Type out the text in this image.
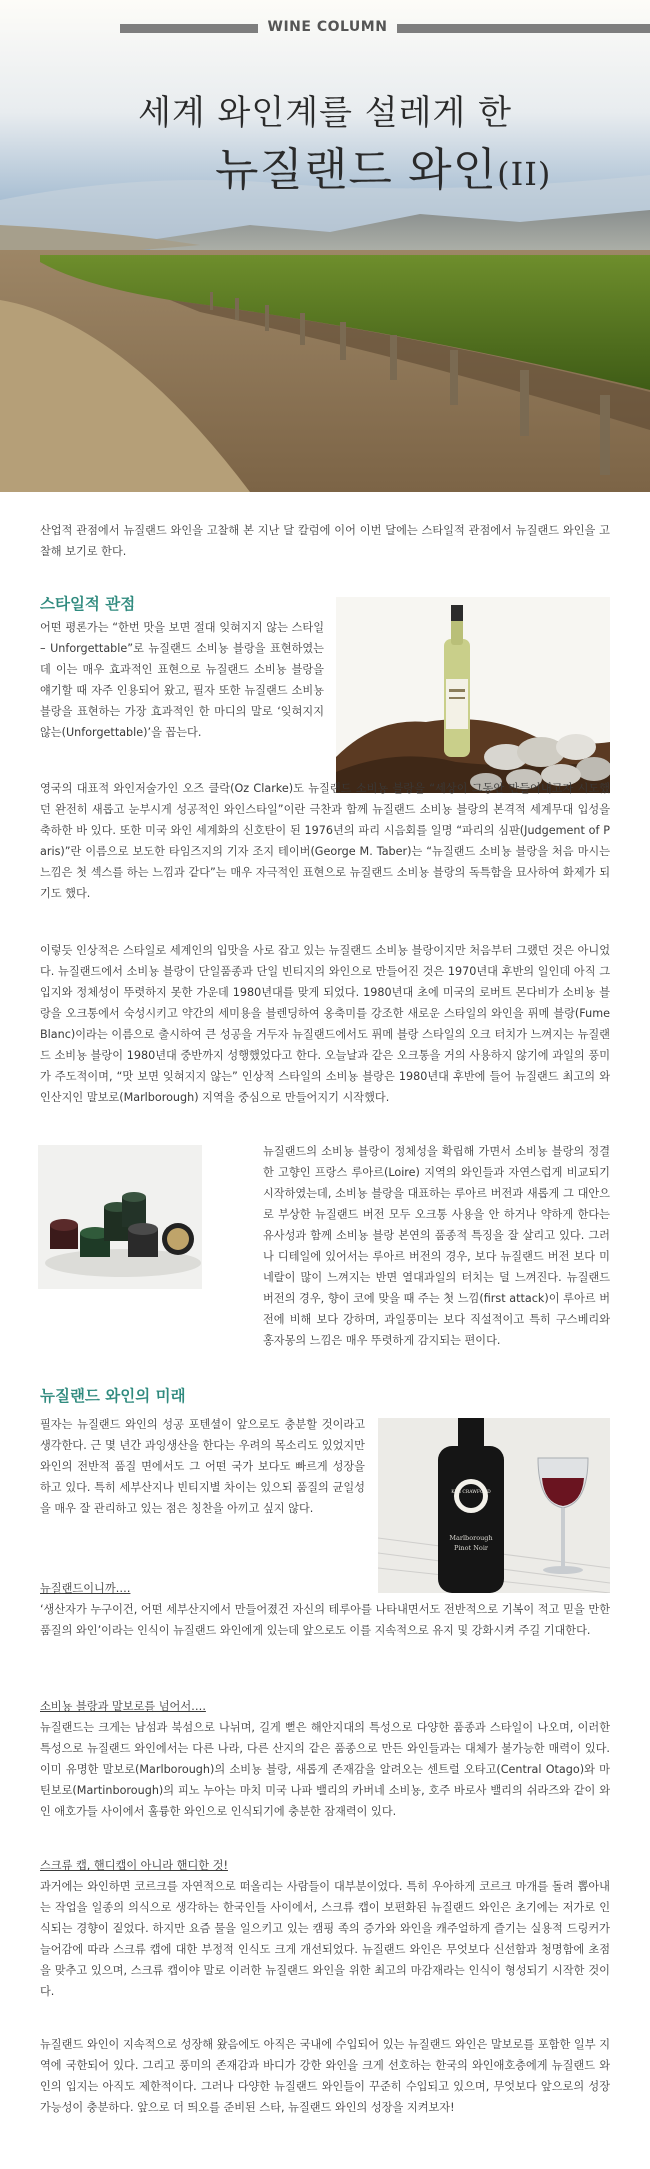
WINE COLUMN
세계 와인계를 설레게 한
뉴질랜드 와인(II)

산업적 관점에서 뉴질랜드 와인을 고찰해 본 지난 달 칼럼에 이어 이번 달에는 스타일적 관점에서 뉴질랜드 와인을 고찰해 보기로 한다.

스타일적 관점

어떤 평론가는 “한번 맛을 보면 절대 잊혀지지 않는 스타일 – Unforgettable”로 뉴질랜드 소비뇽 블랑을 표현하였는데 이는 매우 효과적인 표현으로 뉴질랜드 소비뇽 블랑을 얘기할 때 자주 인용되어 왔고, 필자 또한 뉴질랜드 소비뇽 블랑을 표현하는 가장 효과적인 한 마디의 말로 ‘잊혀지지 않는(Unforgettable)’을 꼽는다.

영국의 대표적 와인저술가인 오즈 클락(Oz Clarke)도 뉴질랜드 소비뇽 블랑을 “세상이 그동안 만들어내고자 시도했던 완전히 새롭고 눈부시게 성공적인 와인스타일”이란 극찬과 함께 뉴질랜드 소비뇽 블랑의 본격적 세계무대 입성을 축하한 바 있다. 또한 미국 와인 세계화의 신호탄이 된 1976년의 파리 시음회를 일명 “파리의 심판(Judgement of Paris)”란 이름으로 보도한 타임즈지의 기자 조지 테이버(George M. Taber)는 “뉴질랜드 소비뇽 블랑을 처음 마시는 느낌은 첫 섹스를 하는 느낌과 같다”는 매우 자극적인 표현으로 뉴질랜드 소비뇽 블랑의 독특함을 묘사하여 화제가 되기도 했다.

이렇듯 인상적은 스타일로 세계인의 입맛을 사로 잡고 있는 뉴질랜드 소비뇽 블랑이지만 처음부터 그랬던 것은 아니었다. 뉴질랜드에서 소비뇽 블랑이 단일품종과 단일 빈티지의 와인으로 만들어진 것은 1970년대 후반의 일인데 아직 그 입지와 정체성이 뚜렷하지 못한 가운데 1980년대를 맞게 되었다. 1980년대 초에 미국의 로버트 몬다비가 소비뇽 블랑을 오크통에서 숙성시키고 약간의 세미용을 블렌딩하여 옹축미를 강조한 새로운 스타일의 와인을 퓌메 블랑(Fume Blanc)이라는 이름으로 출시하여 큰 성공을 거두자 뉴질랜드에서도 퓌메 블랑 스타일의 오크 터치가 느껴지는 뉴질랜드 소비뇽 블랑이 1980년대 중반까지 성행했었다고 한다. 오늘날과 같은 오크통을 거의 사용하지 않기에 과일의 풍미가 주도적이며, “맛 보면 잊혀지지 않는” 인상적 스타일의 소비뇽 블랑은 1980년대 후반에 들어 뉴질랜드 최고의 와인산지인 말보로(Marlborough) 지역을 중심으로 만들어지기 시작했다.

뉴질랜드의 소비뇽 블랑이 정체성을 확립해 가면서 소비뇽 블랑의 정결한 고향인 프랑스 루아르(Loire) 지역의 와인들과 자연스럽게 비교되기 시작하였는데, 소비뇽 블랑을 대표하는 루아르 버전과 새롭게 그 대안으로 부상한 뉴질랜드 버전 모두 오크통 사용을 안 하거나 약하게 한다는 유사성과 함께 소비뇽 블랑 본연의 품종적 특징을 잘 살리고 있다. 그러나 디테일에 있어서는 루아르 버전의 경우, 보다 뉴질랜드 버전 보다 미네랄이 많이 느껴지는 반면 열대과일의 터치는 덜 느껴진다. 뉴질랜드 버전의 경우, 향이 코에 맞을 때 주는 첫 느낌(first attack)이 루아르 버전에 비해 보다 강하며, 과일풍미는 보다 직설적이고 특히 구스베리와 홍자몽의 느낌은 매우 뚜렷하게 감지되는 편이다.

뉴질랜드 와인의 미래
KIM CRAWFORD
Marlborough
Pinot Noir

필자는 뉴질랜드 와인의 성공 포텐셜이 앞으로도 충분할 것이라고 생각한다. 근 몇 년간 과잉생산을 한다는 우려의 목소리도 있었지만 와인의 전반적 품질 면에서도 그 어떤 국가 보다도 빠르게 성장을 하고 있다. 특히 세부산지나 빈티지별 차이는 있으되 품질의 균일성을 매우 잘 관리하고 있는 점은 칭찬을 아끼고 싶지 않다.

뉴질랜드이니까….

‘생산자가 누구이건, 어떤 세부산지에서 만들어졌건 자신의 테루아를 나타내면서도 전반적으로 기복이 적고 믿을 만한 품질의 와인’이라는 인식이 뉴질랜드 와인에게 있는데 앞으로도 이를 지속적으로 유지 및 강화시켜 주길 기대한다.

소비뇽 블랑과 말보로를 넘어서….

뉴질랜드는 크게는 남섬과 북섬으로 나뉘며, 길게 뻗은 해안지대의 특성으로 다양한 품종과 스타일이 나오며, 이러한 특성으로 뉴질랜드 와인에서는 다른 나라, 다른 산지의 같은 품종으로 만든 와인들과는 대체가 불가능한 매력이 있다. 이미 유명한 말보로(Marlborough)의 소비뇽 블랑, 새롭게 존재감을 알려오는 센트럴 오타고(Central Otago)와 마틴보로(Martinborough)의 피노 누아는 마치 미국 나파 밸리의 카버네 소비뇽, 호주 바로사 밸리의 쉬라즈와 같이 와인 애호가들 사이에서 훌륭한 와인으로 인식되기에 충분한 잠재력이 있다.

스크류 캡, 핸디캡이 아니라 핸디한 것!

과거에는 와인하면 코르크를 자연적으로 떠올리는 사람들이 대부분이었다. 특히 우아하게 코르크 마개를 돌려 뽑아내는 작업을 일종의 의식으로 생각하는 한국인들 사이에서, 스크류 캡이 보편화된 뉴질랜드 와인은 초기에는 저가로 인식되는 경향이 짙었다. 하지만 요즘 물을 일으키고 있는 캠핑 족의 증가와 와인을 캐주얼하게 즐기는 실용적 드링커가 늘어감에 따라 스크류 캡에 대한 부정적 인식도 크게 개선되었다. 뉴질랜드 와인은 무엇보다 신선함과 청명함에 초점을 맞추고 있으며, 스크류 캡이야 말로 이러한 뉴질랜드 와인을 위한 최고의 마감재라는 인식이 형성되기 시작한 것이다.

뉴질랜드 와인이 지속적으로 성장해 왔음에도 아직은 국내에 수입되어 있는 뉴질랜드 와인은 말보로를 포함한 일부 지역에 국한되어 있다. 그리고 풍미의 존재감과 바디가 강한 와인을 크게 선호하는 한국의 와인애호층에게 뉴질랜드 와인의 입지는 아직도 제한적이다. 그러나 다양한 뉴질랜드 와인들이 꾸준히 수입되고 있으며, 무엇보다 앞으로의 성장 가능성이 충분하다. 앞으로 더 띄오를 준비된 스타, 뉴질랜드 와인의 성장을 지켜보자!
